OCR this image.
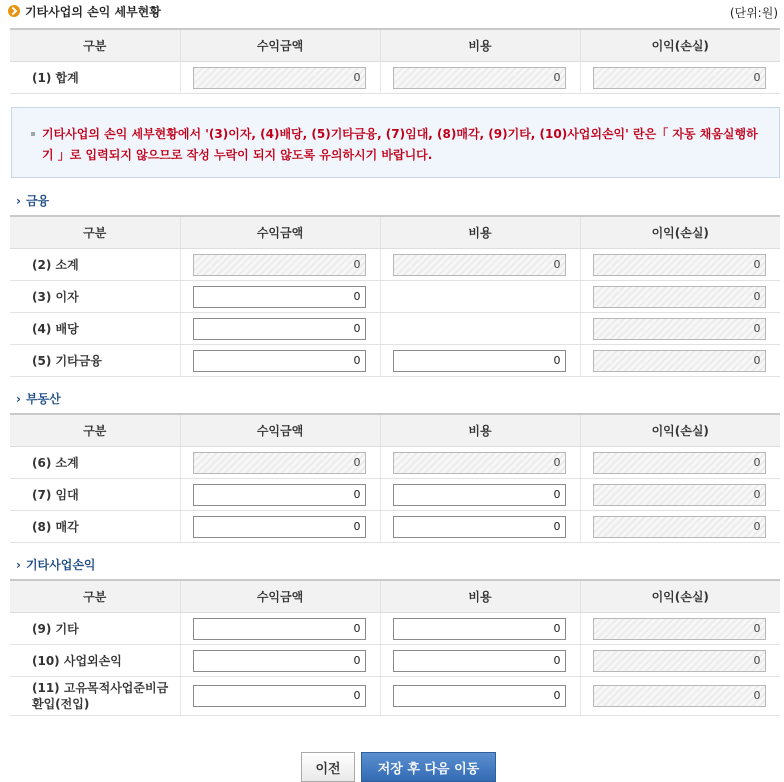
기타사업의 손익 세부현황	(단위:원)
구분	수익금액	비용	이익(손실)
(1) 합계	0	0	0
기타사업의 손익 세부현황에서 '(3)이자, (4)배당, (5)기타금융, (7)임대, (8)매각, (9)기타, (10)사업외손익' 란은「 자동 채움실행하기 」로 입력되지 않으므로 작성 누락이 되지 않도록 유의하시기 바랍니다.
› 금융
구분	수익금액	비용	이익(손실)
(2) 소계	0	0	0

(3) 이자	0		0

(4) 배당	0		0

(5) 기타금융	0	0	0
› 부동산
구분	수익금액	비용	이익(손실)
(6) 소계	0	0	0

(7) 임대	0	0	0

(8) 매각	0	0	0
› 기타사업손익
구분	수익금액	비용	이익(손실)
(9) 기타	0	0	0

(10) 사업외손익	0	0	0

(11) 고유목적사업준비금환입(전입)	0	0	0
이전	저장 후 다음 이동
